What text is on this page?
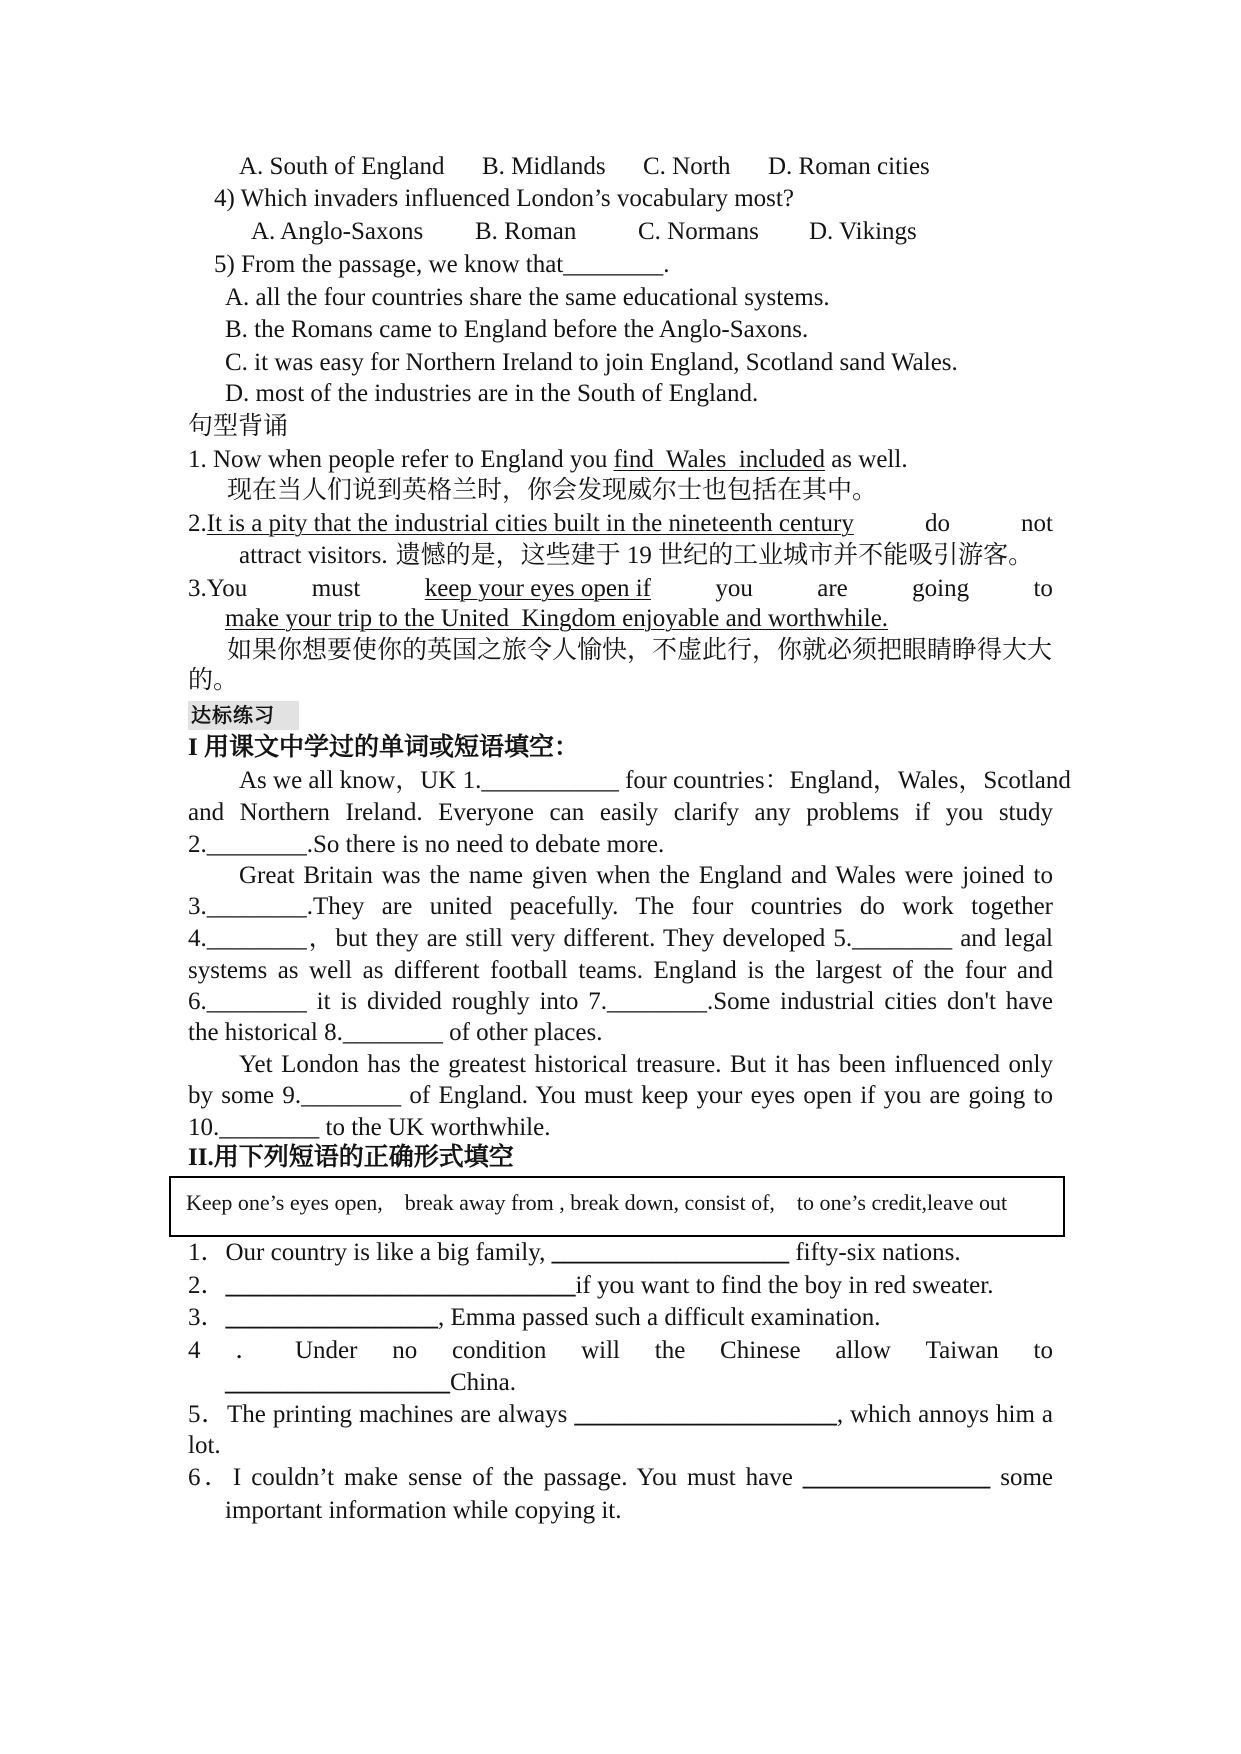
A. South of England B. Midlands C. North D. Roman cities
4) Which invaders influenced London’s vocabulary most?
A. Anglo-Saxons B. Roman C. Normans D. Vikings
5) From the passage, we know that________.
A. all the four countries share the same educational systems.
B. the Romans came to England before the Anglo-Saxons.
C. it was easy for Northern Ireland to join England, Scotland sand Wales.
D. most of the industries are in the South of England.
句型背诵
1. Now when people refer to England you find  Wales  included as well.
现在当人们说到英格兰时，你会发现威尔士也包括在其中。
2.It is a pity that the industrial cities built in the nineteenth century	do	not
attract visitors. 遗憾的是，这些建于 19 世纪的工业城市并不能吸引游客。
3.You	must	keep your eyes open if	you	are	going	to
make your trip to the United  Kingdom enjoyable and worthwhile.
如果你想要使你的英国之旅令人愉快，不虚此行，你就必须把眼睛睁得大大
的。
达标练习
I 用课文中学过的单词或短语填空：
As we all know，UK 1.___________ four countries：England，Wales，Scotland
and Northern Ireland. Everyone can easily clarify any problems if you study
2.________.So there is no need to debate more.
Great Britain was the name given when the England and Wales were joined to
3.________.They are united peacefully. The four countries do work together
4.________，but they are still very different. They developed 5.________ and legal
systems as well as different football teams. England is the largest of the four and
6.________ it is divided roughly into 7.________.Some industrial cities don't have
the historical 8.________ of other places.
Yet London has the greatest historical treasure. But it has been influenced only
by some 9.________ of England. You must keep your eyes open if you are going to
10.________ to the UK worthwhile.
II.用下列短语的正确形式填空
Keep one’s eyes open,    break away from , break down, consist of,    to one’s credit,leave out
1．Our country is like a big family, ___________________ fifty-six nations.
2．____________________________if you want to find the boy in red sweater.
3．_________________, Emma passed such a difficult examination.
4 ． Under no condition will the Chinese allow Taiwan to
__________________China.
5．The printing machines are always _____________________, which annoys him a
lot.
6．I couldn’t make sense of the passage. You must have _______________ some
important information while copying it.
